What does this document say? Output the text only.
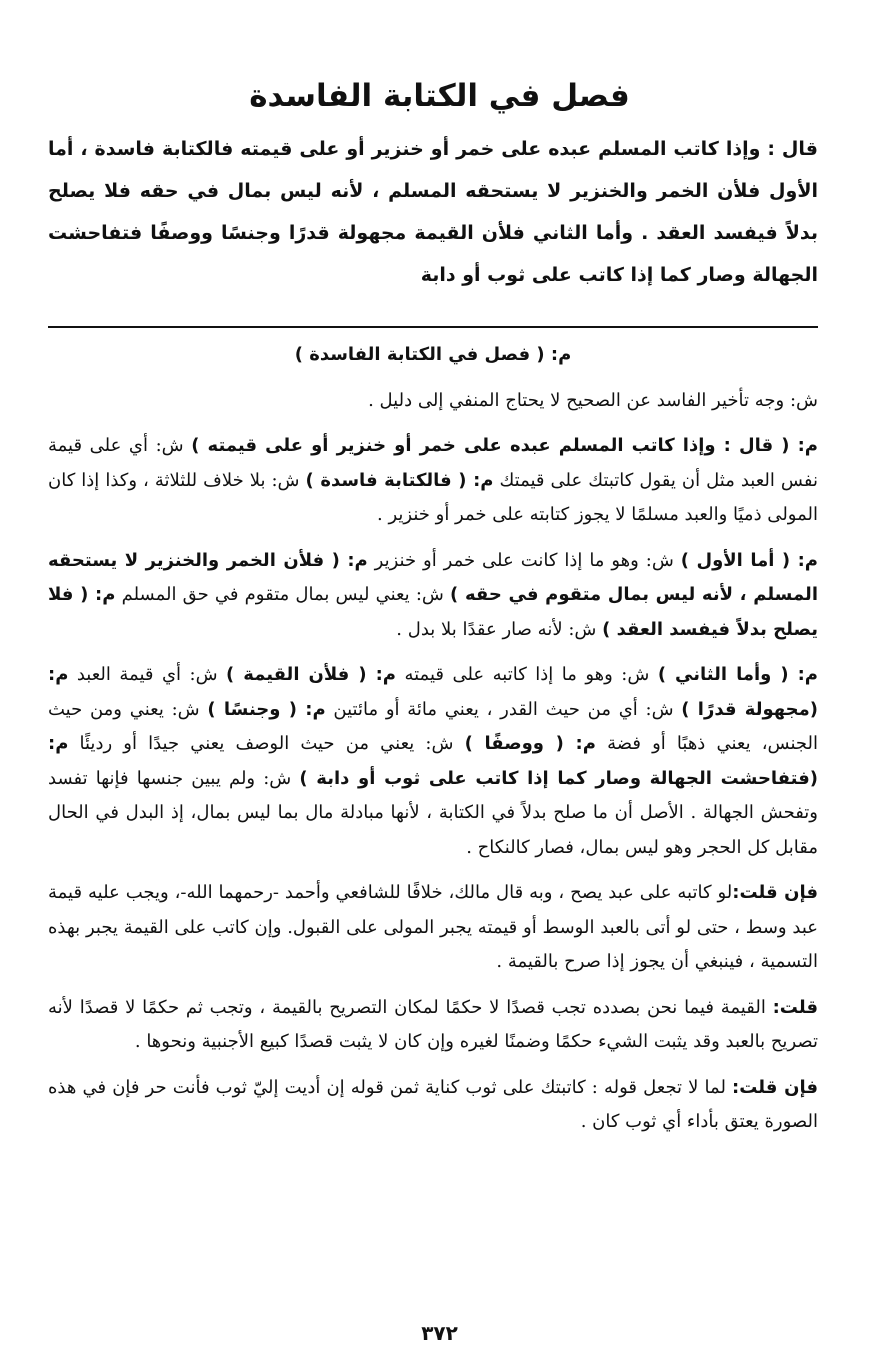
فصل في الكتابة الفاسدة

قال : وإذا كاتب المسلم عبده على خمر أو خنزير أو على قيمته فالكتابة فاسدة ، أما الأول فلأن الخمر والخنزير لا يستحقه المسلم ، لأنه ليس بمال في حقه فلا يصلح بدلاً فيفسد العقد . وأما الثاني فلأن القيمة مجهولة قدرًا وجنسًا ووصفًا فتفاحشت الجهالة وصار كما إذا كاتب على ثوب أو دابة

م: ( فصل في الكتابة الفاسدة )

ش: وجه تأخير الفاسد عن الصحيح لا يحتاج المنفي إلى دليل .

م: ( قال : وإذا كاتب المسلم عبده على خمر أو خنزير أو على قيمته ) ش: أي على قيمة نفس العبد مثل أن يقول كاتبتك على قيمتك م: ( فالكتابة فاسدة ) ش: بلا خلاف للثلاثة ، وكذا إذا كان المولى ذميًا والعبد مسلمًا لا يجوز كتابته على خمر أو خنزير .

م: ( أما الأول ) ش: وهو ما إذا كانت على خمر أو خنزير م: ( فلأن الخمر والخنزير لا يستحقه المسلم ، لأنه ليس بمال متقوم في حقه ) ش: يعني ليس بمال متقوم في حق المسلم م: ( فلا يصلح بدلاً فيفسد العقد ) ش: لأنه صار عقدًا بلا بدل .

م: ( وأما الثاني ) ش: وهو ما إذا كاتبه على قيمته م: ( فلأن القيمة ) ش: أي قيمة العبد م: (مجهولة قدرًا ) ش: أي من حيث القدر ، يعني مائة أو مائتين م: ( وجنسًا ) ش: يعني ومن حيث الجنس، يعني ذهبًا أو فضة م: ( ووصفًا ) ش: يعني من حيث الوصف يعني جيدًا أو رديئًا م: (فتفاحشت الجهالة وصار كما إذا كاتب على ثوب أو دابة ) ش: ولم يبين جنسها فإنها تفسد وتفحش الجهالة . الأصل أن ما صلح بدلاً في الكتابة ، لأنها مبادلة مال بما ليس بمال، إذ البدل في الحال مقابل كل الحجر وهو ليس بمال، فصار كالنكاح .

فإن قلت:لو كاتبه على عبد يصح ، وبه قال مالك، خلافًا للشافعي وأحمد -رحمهما الله-، ويجب عليه قيمة عبد وسط ، حتى لو أتى بالعبد الوسط أو قيمته يجبر المولى على القبول. وإن كاتب على القيمة يجبر بهذه التسمية ، فينبغي أن يجوز إذا صرح بالقيمة .

قلت: القيمة فيما نحن بصدده تجب قصدًا لا حكمًا لمكان التصريح بالقيمة ، وتجب ثم حكمًا لا قصدًا لأنه تصريح بالعبد وقد يثبت الشيء حكمًا وضمنًا لغيره وإن كان لا يثبت قصدًا كبيع الأجنبية ونحوها .

فإن قلت: لما لا تجعل قوله : كاتبتك على ثوب كناية ثمن قوله إن أديت إليّ ثوب فأنت حر فإن في هذه الصورة يعتق بأداء أي ثوب كان .

٣٧٢
